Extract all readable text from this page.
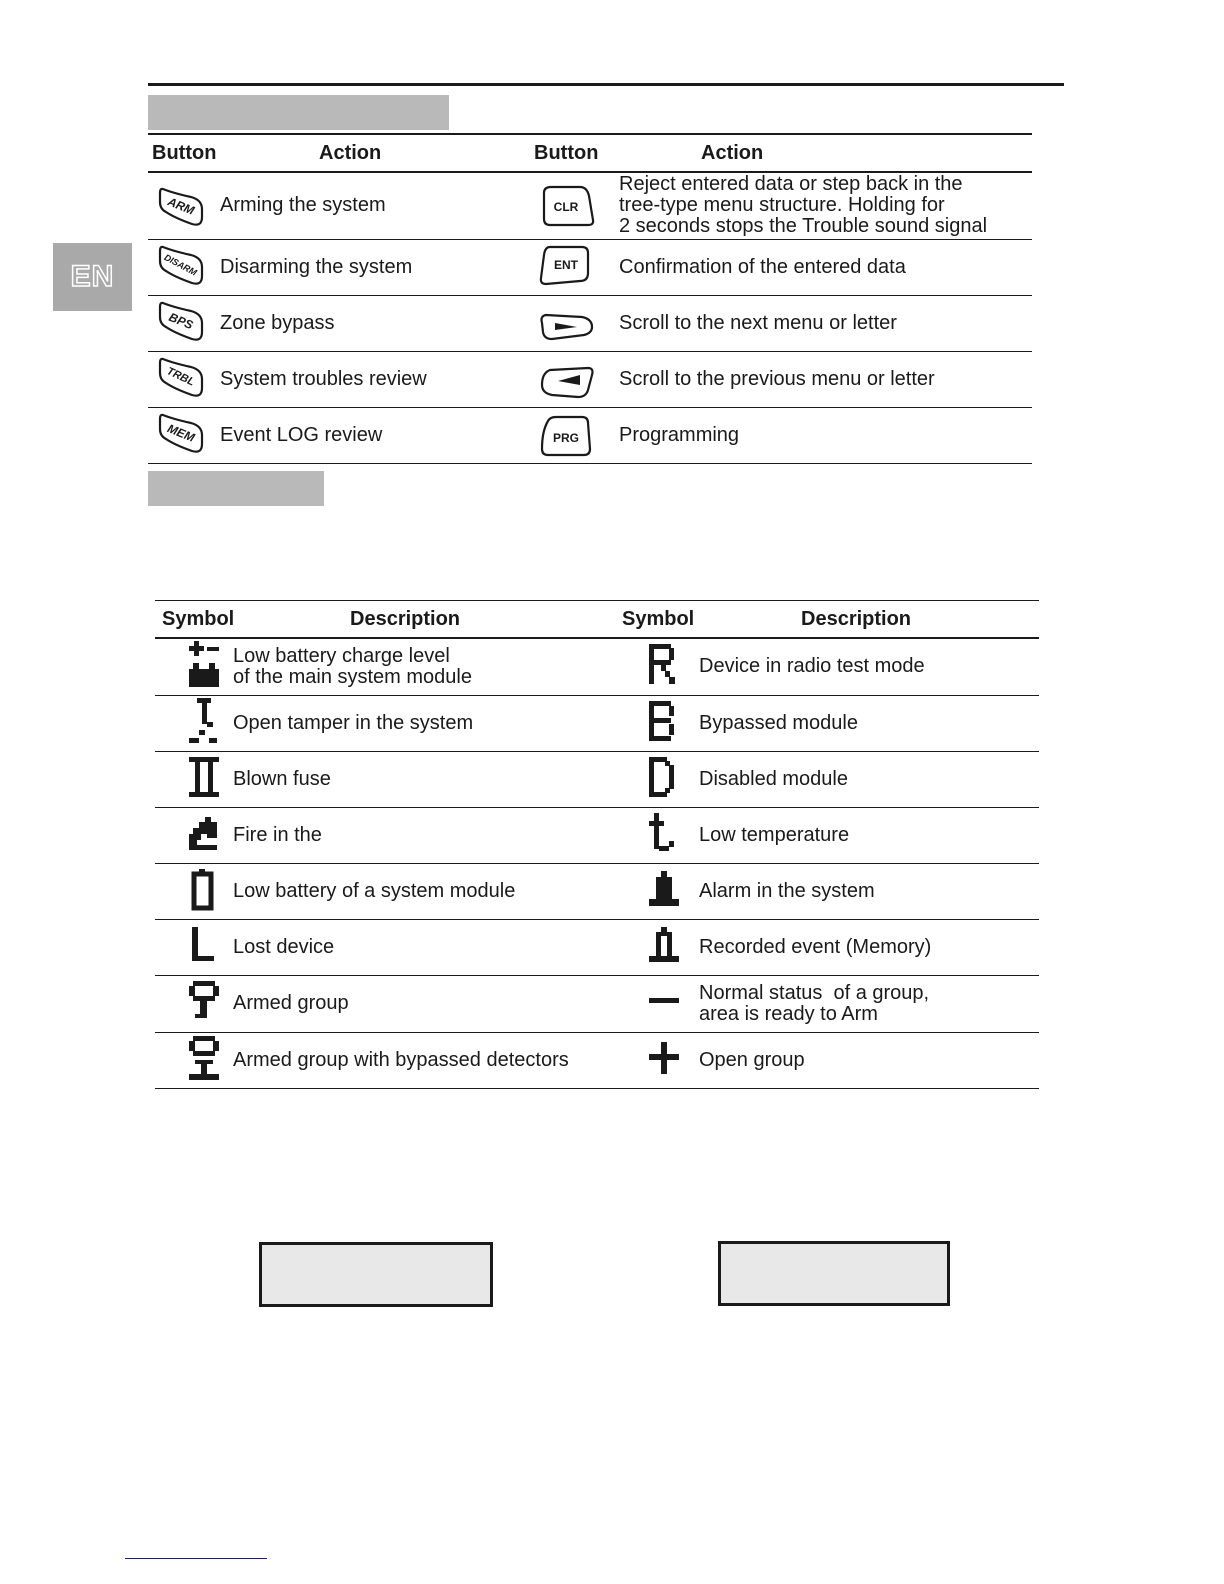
EN
Button	Action	Button	Action

ARM	Arming the system	CLR	Reject entered data or step back in the
tree-type menu structure. Holding for
2 seconds stops the Trouble sound signal

DISARM	Disarming the system	ENT	Confirmation of the entered data

BPS	Zone bypass		Scroll to the next menu or letter

TRBL	System troubles review		Scroll to the previous menu or letter

MEM	Event LOG review	PRG	Programming
Symbol	Description	Symbol	Description

Low battery charge level
of the main system module		Device in radio test mode
	Open tamper in the system		Bypassed module
	Blown fuse		Disabled module
	Fire in the		Low temperature
	Low battery of a system module		Alarm in the system
	Lost device		Recorded event (Memory)
	Armed group		Normal status  of a group,
area is ready to Arm

	Armed group with bypassed detectors		Open group
